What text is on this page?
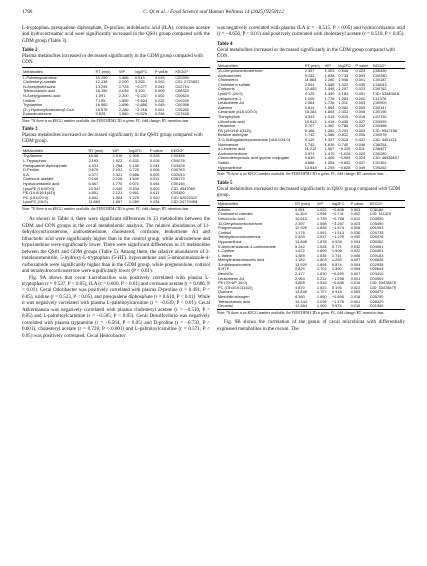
1786	C. Qi et al. / Food Science and Human Wellness 14 (2025) 9250112

L-tryptophan, presqualene diphosphate, D-proline, indolelactic acid (ILA), cortisone acetate and hydrocortisamic acid were significantly increased in the QS01 group compared with the GDM group (Table 3).

Table 2
Plasma metabolites increased or decreased significantly in the GDM group compared with CON.
Metabolites	RT (min)	VIP	log2FC	P value	KEGG*
L-Palmitoylcarnitine	10.290	1.666	0.513	0.033	C02990
Cholesteryl acetate	12.138	2.200	3.265	0.002	CID: 2723897
N-Acetylputrescine	13.295	1.728	−0.277	0.041	C02714
Tetracosanoic acid	16.150	2.039	3.103	0.005	C08320
N-Acetylglutamic acid	1.091	2.200	−0.237	0.002	C00624
Uridine	7.199	1.895	−0.634	0.032	C00299
Tryptamine	16.960	1.696	−0.888	0.045	C00398
(3'-) Hydroxydodecanoyl-CoA	19.578	2.286	−2.218	0.001	C05262
Epiandrosterone	9.529	1.660	−0.529	0.036	C07635
Note: *If there is no KEGG number available, the PUBCHEM CID is given. FC, fold change; RT, retention time.
Table 3
Plasma metabolites increased or decreased significantly in the QS01 group compared with GDM group.
Metabolites	RT (min)	VIP	log2FC	P value	KEGG*
Tryptamine	18.56	2.916	0.955	0.025	C00398
L-Tryptophan	2.193	1.922	0.432	0.026	C00078
Presqualene diphosphate	4.331	1.798	0.139	0.041	C03428
D-Proline	0.679	2.191	0.720	0.006	C00763
ILA	4.377	2.421	0.666	0.002	C02043
Cortisone acetate	0.140	2.128	1.540	0.011	C08173
Hydrocortisamic acid	6.467	1.770	0.070	0.044	C00146
LysoPE (16:0/0:0)	10.347	2.440	0.434	0.002	CID: 9547069
PE (14:0/16:1(9Z))	4.651	2.121	0.661	0.011	C00350
PC (15:0/20:0)	4.842	1.904	1.229	0.020	CID: 52922312
LysoPC (15:0)	11.863	1.857	0.289	0.034	CID: 24779458
Note: *If there is no KEGG number available, the PUBCHEM CID is given. FC, fold change; RT, retention time.

As shown in Table 4, there were significant differences in 23 metabolites between the GDM and CON groups in the cecal metabolomic analysis. The relative abundances of 11-dehydrocorticosterone, androstenedione, cholesterol, cortisone, leukotriene A4 and lithocholic acid were significantly higher than in the control group, while androsterone and hypoxanthine were significantly lower. There were significant differences in 21 metabolites between the QS01 and GDM groups (Table 5). Among them, the relative abundances of 3-indoleacetonitrile, 5-hydroxy-L-tryptophan (5-HT), hypoxanthine and 5-aminoimidazole-4-carboxamide were significantly higher than in the GDM group, while pregnenolone, cortisol and tetrahydrocorticosterone were significantly lower (P < 0.01).

Fig. 9A shows that cecal Lactobacillus was positively correlated with plasma L-tryptophan (r = 0.537, P < 0.05), ILA (r = 0.600, P < 0.01) and cortisone acetate (r = 0.686, P < 0.01). Cecal Odoribacter was positively correlated with plasma D-proline (r = 0.491, P < 0.05), uridine (r = 0.523, P < 0.05), and presqualene diphosphate (r = 0.610, P < 0.01). While it was negatively correlated with plasma L-palmitoylcarnitine (r = −0.639, P < 0.01). Cecal Akkermansia was negatively correlated with plasma cholesteryl acetate (r = −0.510, P < 0.05) and L-palmitoylcarnitine (r = −0.505, P < 0.05). Cecal Desulfovibrio was negatively correlated with plasma tryptamine (r = −0.564, P < 0.05) and D-proline (r = −0.733, P < 0.001), cholesteryl acetate (r = 0.728, P < 0.001) and L-palmitoylcarnitine (r = 0.571, P < 0.05) was positively correlated. Cecal Helicobacter

was negatively correlated with plasma ILA (r = −0.515, P < 0.05) and hydrocortisamic acid (r = −0.656, P < 0.01) and positively correlated with cholesteryl acetate (r = 0.510, P < 0.05).

Table 4
Cecal metabolites increased or decreased significantly in the GDM group compared with CON.
Metabolites	RT (min)	VIP	log2FC	P value	KEGG*
11-Dehydrocorticosterone	2.397	1.403	0.546	0.029	C05490
Androsterone	9.232	1.838	0.733	0.003	C00280
Cholesterol	11.884	2.280	1.948	0.001	C00187
Cholesterol sulfate	2.901	1.365	1.322	0.035	C18043
Cortisone	12.482	1.448	1.297	0.023	C00762
LysoPC (20:5)	4.125	1.390	3.183	0.001	CID: 53480516
Ubiquinone-1	1.009	1.778	1.063	0.002	C11378
Leukotriene A4	2.964	1.726	1.011	0.003	C00909
Adenine	0.914	1.664	0.952	0.005	C00147
Ceramide (d18:1/20:0)	16.281	1.863	2.031	0.005	C00195
Theophylline	4.343	1.516	0.815	0.016	C07130
Lithocholic acid	10.612	1.418	0.435	0.027	C03990
Histamine	0.707	1.362	0.785	0.032	C00388
PA (16:0/18:1(11Z))	5.166	1.382	3.291	0.003	CID: 9547158
Betaine aldehyde	1.742	1.366	0.812	0.035	C00576
3-O-Sulfogalactosylceramide (d18:1/24:0)	9.125	1.357	0.515	0.037	CID: 4451121
Nonivamide	1.742	1.639	0.740	0.046	C08254
α-Linolenic acid	11.212	1.567	−0.225	0.011	C06427
Androstenedione	3.871	1.470	−1.028	0.020	C00280
Chenodeoxycholic acid glycine conjugate	9.619	1.405	−0.964	0.029	CID: 46936537
Salicin	4.668	1.354	−0.852	0.037	C01451
Hypoxanthine	13.848	1.295	−0.828	0.049	C00262
Note: *If there is no KEGG number available, the PUBCHEM CID is given. FC, fold change; RT, retention time.
Table 5
Cecal metabolites increased or decreased significantly in QS01 group compared with GDM group.
Metabolites	RT (min)	VIP	log2FC	P value	KEGG*
Arbutin	0.651	1.022	−0.808	0.003	C06186
Cholesterol valerate	11.303	1.994	−2.741	0.002	CID: 111329
Lithocholic acid	10.612	1.739	−0.758	0.012	C03990
11-Dehydrocorticosterone	2.397	1.598	−3.257	0.023	C05490
Pregnenolone	12.929	1.828	−1.574	0.006	C01953
Cortisol	1.176	1.551	−1.513	0.030	C00735
Tetrahydrocorticosterone	0.839	1.537	−1.229	0.032	C05476
Hypoxanthine	13.848	1.878	0.928	0.004	C00262
5-Aminoimidazole-4-carboxamide	5.242	1.534	0.771	0.032	C04051
L-Cystine	1.672	1.609	1.906	0.022	C00491
L-Valine	1.559	1.835	1.741	0.006	C00183
Methylimidazoleacetic acid	1.182	1.803	1.259	0.007	C05828
3-Indoleacetonitrile	13.920	1.894	0.574	0.004	C02938
5-HTP	0.829	1.702	1.390	0.006	C00643
NeuNGc	2.477	1.610	−0.699	0.007	C03410
Leukotriene A4	2.964	2.211	−1.298	0.001	C00909
PE (20:4/P-16:0)	4.855	1.515	−0.846	0.016	CID: 53478878
PC (15:0/24:1(15Z))	4.870	1.613	0.195	0.022	CID: 53478879
Quinone	13.849	1.727	0.915	0.009	C00472
Mesobilirubinogen	8.380	1.650	−0.895	0.018	C05790
Tetracosanoic acid	14.144	2.039	−1.476	0.001	C08320
Geranial	12.564	1.909	0.974	0.016	C01390
Note: *If there is no KEGG number available, the PUBCHEM CID is given. FC, fold change; RT, retention time.

Fig. 9B shows the correlation of the genus of cecal microbiota with differentially expressed metabolites in the cecum. The
